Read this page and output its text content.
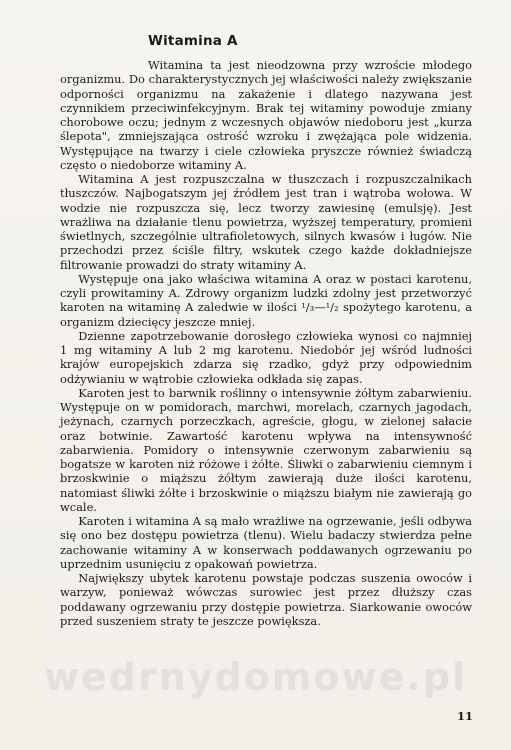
Witamina A

Witamina ta jest nieodzowna przy wzroście młodego organizmu. Do charakterystycznych jej właściwości należy zwiększanie odporności organizmu na zakażenie i dlatego nazywana jest czynnikiem przeciwinfekcyjnym. Brak tej witaminy powoduje zmiany chorobowe oczu; jednym z wczesnych objawów niedoboru jest „kurza ślepota", zmniejszająca ostrość wzroku i zwężająca pole widzenia. Występujące na twarzy i ciele człowieka pryszcze również świadczą często o niedoborze witaminy A.

Witamina A jest rozpuszczalna w tłuszczach i rozpuszczalnikach tłuszczów. Najbogatszym jej źródłem jest tran i wątroba wołowa. W wodzie nie rozpuszcza się, lecz tworzy zawiesinę (emulsję). Jest wrażliwa na działanie tlenu powietrza, wyższej temperatury, promieni świetlnych, szczególnie ultrafioletowych, silnych kwasów i ługów. Nie przechodzi przez ściśle filtry, wskutek czego każde dokładniejsze filtrowanie prowadzi do straty witaminy A.

Występuje ona jako właściwa witamina A oraz w postaci karotenu, czyli prowitaminy A. Zdrowy organizm ludzki zdolny jest przetworzyć karoten na witaminę A zaledwie w ilości ¹/₃—¹/₂ spożytego karotenu, a organizm dziecięcy jeszcze mniej.

Dzienne zapotrzebowanie dorosłego człowieka wynosi co najmniej 1 mg witaminy A lub 2 mg karotenu. Niedobór jej wśród ludności krajów europejskich zdarza się rzadko, gdyż przy odpowiednim odżywianiu w wątrobie człowieka odkłada się zapas.

Karoten jest to barwnik roślinny o intensywnie żółtym zabarwieniu. Występuje on w pomidorach, marchwi, morelach, czarnych jagodach, jeżynach, czarnych porzeczkach, agreście, głogu, w zielonej sałacie oraz botwinie. Zawartość karotenu wpływa na intensywność zabarwienia. Pomidory o intensywnie czerwonym zabarwieniu są bogatsze w karoten niż różowe i żółte. Śliwki o zabarwieniu ciemnym i brzoskwinie o miąższu żółtym zawierają duże ilości karotenu, natomiast śliwki żółte i brzoskwinie o miąższu białym nie zawierają go wcale.

Karoten i witamina A są mało wrażliwe na ogrzewanie, jeśli odbywa się ono bez dostępu powietrza (tlenu). Wielu badaczy stwierdza pełne zachowanie witaminy A w konserwach poddawanych ogrzewaniu po uprzednim usunięciu z opakowań powietrza.

Największy ubytek karotenu powstaje podczas suszenia owoców i warzyw, ponieważ wówczas surowiec jest przez dłuższy czas poddawany ogrzewaniu przy dostępie powietrza. Siarkowanie owoców przed suszeniem straty te jeszcze powiększa.

wedrnydomowe.pl
11
